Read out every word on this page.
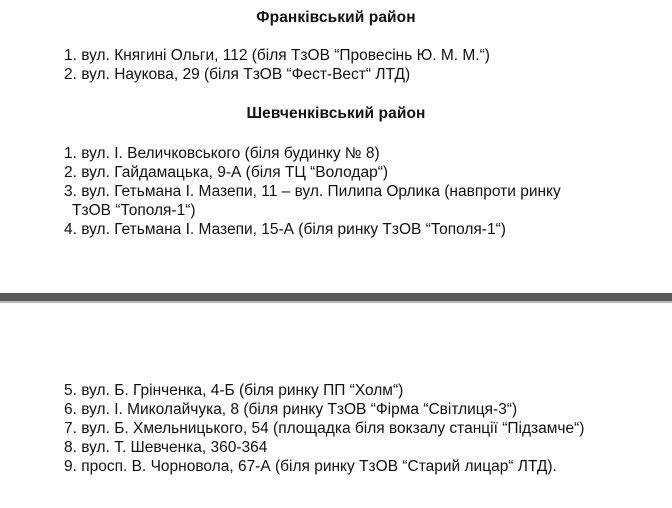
Франківський район
1. вул. Княгині Ольги, 112 (біля ТзОВ “Провесінь Ю. М. М.“)
2. вул. Наукова, 29 (біля ТзОВ “Фест-Вест“ ЛТД)
Шевченківський район
1. вул. І. Величковського (біля будинку № 8)
2. вул. Гайдамацька, 9-А (біля ТЦ “Володар“)
3. вул. Гетьмана І. Мазепи, 11 – вул. Пилипа Орлика (навпроти ринку
ТзОВ “Тополя-1“)
4. вул. Гетьмана І. Мазепи, 15-А (біля ринку ТзОВ “Тополя-1“)
5. вул. Б. Грінченка, 4-Б (біля ринку ПП “Холм“)
6. вул. І. Миколайчука, 8 (біля ринку ТзОВ “Фірма “Світлиця-3“)
7. вул. Б. Хмельницького, 54 (площадка біля вокзалу станції “Підзамче“)
8. вул. Т. Шевченка, 360-364
9. просп. В. Чорновола, 67-А (біля ринку ТзОВ “Старий лицар“ ЛТД).
